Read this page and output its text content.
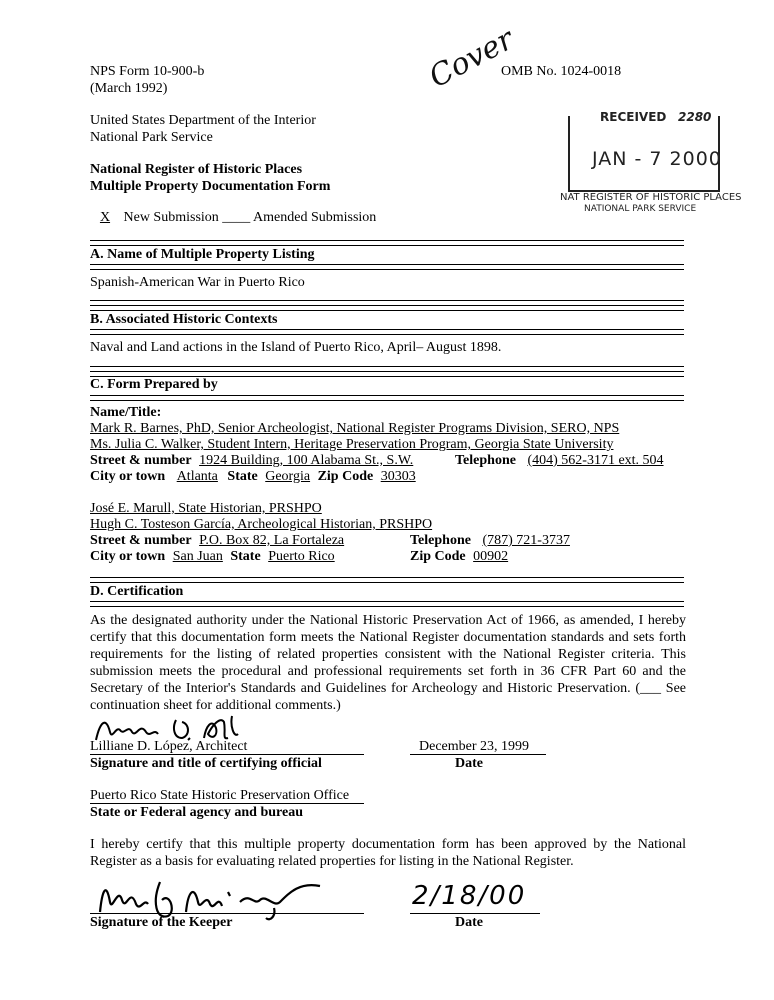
NPS Form 10-900-b
(March 1992)
OMB No. 1024-0018
Cover
United States Department of the Interior
National Park Service
National Register of Historic Places
Multiple Property Documentation Form
X New Submission ____ Amended Submission
RECEIVED 2280
JAN - 7 2000
NAT REGISTER OF HISTORIC PLACES
NATIONAL PARK SERVICE
A. Name of Multiple Property Listing
Spanish-American War in Puerto Rico
B. Associated Historic Contexts
Naval and Land actions in the Island of Puerto Rico, April– August 1898.
C. Form Prepared by
Name/Title:
Mark R. Barnes, PhD, Senior Archeologist, National Register Programs Division, SERO, NPS
Ms. Julia C. Walker, Student Intern, Heritage Preservation Program, Georgia State University
Street & number 1924 Building, 100 Alabama St., S.W.	Telephone (404) 562-3171 ext. 504
City or town Atlanta State Georgia Zip Code 30303
José E. Marull, State Historian, PRSHPO
Hugh C. Tosteson García, Archeological Historian, PRSHPO
Street & number P.O. Box 82, La Fortaleza	Telephone (787) 721-3737
City or town San Juan State Puerto Rico	Zip Code 00902
D. Certification
As the designated authority under the National Historic Preservation Act of 1966, as amended, I hereby certify that this documentation form meets the National Register documentation standards and sets forth requirements for the listing of related properties consistent with the National Register criteria. This submission meets the procedural and professional requirements set forth in 36 CFR Part 60 and the Secretary of the Interior's Standards and Guidelines for Archeology and Historic Preservation. (___ See continuation sheet for additional comments.)
Lilliane D. López, Architect	December 23, 1999
Signature and title of certifying official	Date
Puerto Rico State Historic Preservation Office
State or Federal agency and bureau
I hereby certify that this multiple property documentation form has been approved by the National Register as a basis for evaluating related properties for listing in the National Register.
Signature of the Keeper
2/18/00
Date
